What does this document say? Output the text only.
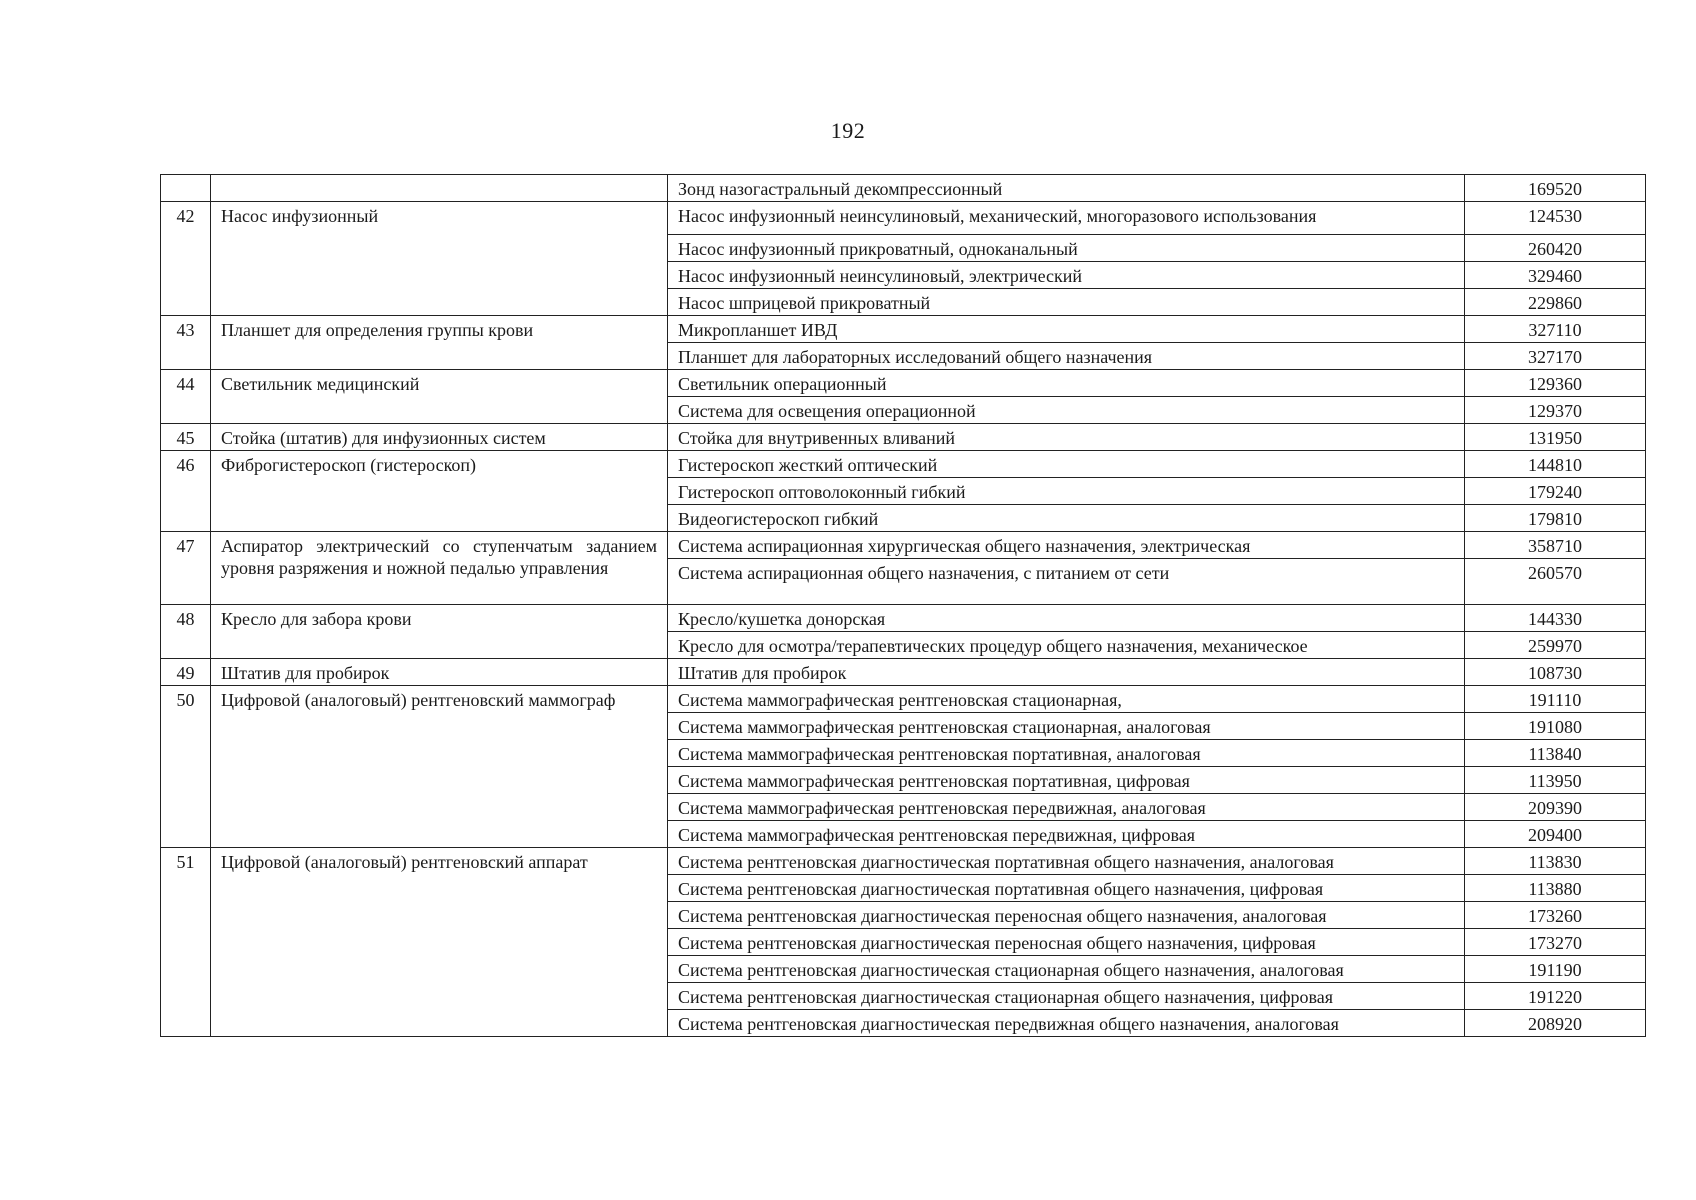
192
		Зонд назогастральный декомпрессионный	169520
42	Насос инфузионный	Насос инфузионный неинсулиновый, механический, многоразового использования	124530
		Насос инфузионный прикроватный, одноканальный	260420
		Насос инфузионный неинсулиновый, электрический	329460
		Насос шприцевой прикроватный	229860
43	Планшет для определения группы крови	Микропланшет ИВД	327110
		Планшет для лабораторных исследований общего назначения	327170
44	Светильник медицинский	Светильник операционный	129360
		Система для освещения операционной	129370
45	Стойка (штатив) для инфузионных систем	Стойка для внутривенных вливаний	131950
46	Фиброгистероскоп (гистероскоп)	Гистероскоп жесткий оптический	144810
		Гистероскоп оптоволоконный гибкий	179240
		Видеогистероскоп гибкий	179810
47	Аспиратор электрический со ступенчатым заданием уровня разряжения и ножной педалью управления	Система аспирационная хирургическая общего назначения, электрическая	358710
		Система аспирационная общего назначения, с питанием от сети	260570
48	Кресло для забора крови	Кресло/кушетка донорская	144330
		Кресло для осмотра/терапевтических процедур общего назначения, механическое	259970
49	Штатив для пробирок	Штатив для пробирок	108730
50	Цифровой (аналоговый) рентгеновский маммограф	Система маммографическая рентгеновская стационарная,	191110
		Система маммографическая рентгеновская стационарная, аналоговая	191080
		Система маммографическая рентгеновская портативная, аналоговая	113840
		Система маммографическая рентгеновская портативная, цифровая	113950
		Система маммографическая рентгеновская передвижная, аналоговая	209390
		Система маммографическая рентгеновская передвижная, цифровая	209400
51	Цифровой (аналоговый) рентгеновский аппарат	Система рентгеновская диагностическая портативная общего назначения, аналоговая	113830
		Система рентгеновская диагностическая портативная общего назначения, цифровая	113880
		Система рентгеновская диагностическая переносная общего назначения, аналоговая	173260
		Система рентгеновская диагностическая переносная общего назначения, цифровая	173270
		Система рентгеновская диагностическая стационарная общего назначения, аналоговая	191190
		Система рентгеновская диагностическая стационарная общего назначения, цифровая	191220
		Система рентгеновская диагностическая передвижная общего назначения, аналоговая	208920
